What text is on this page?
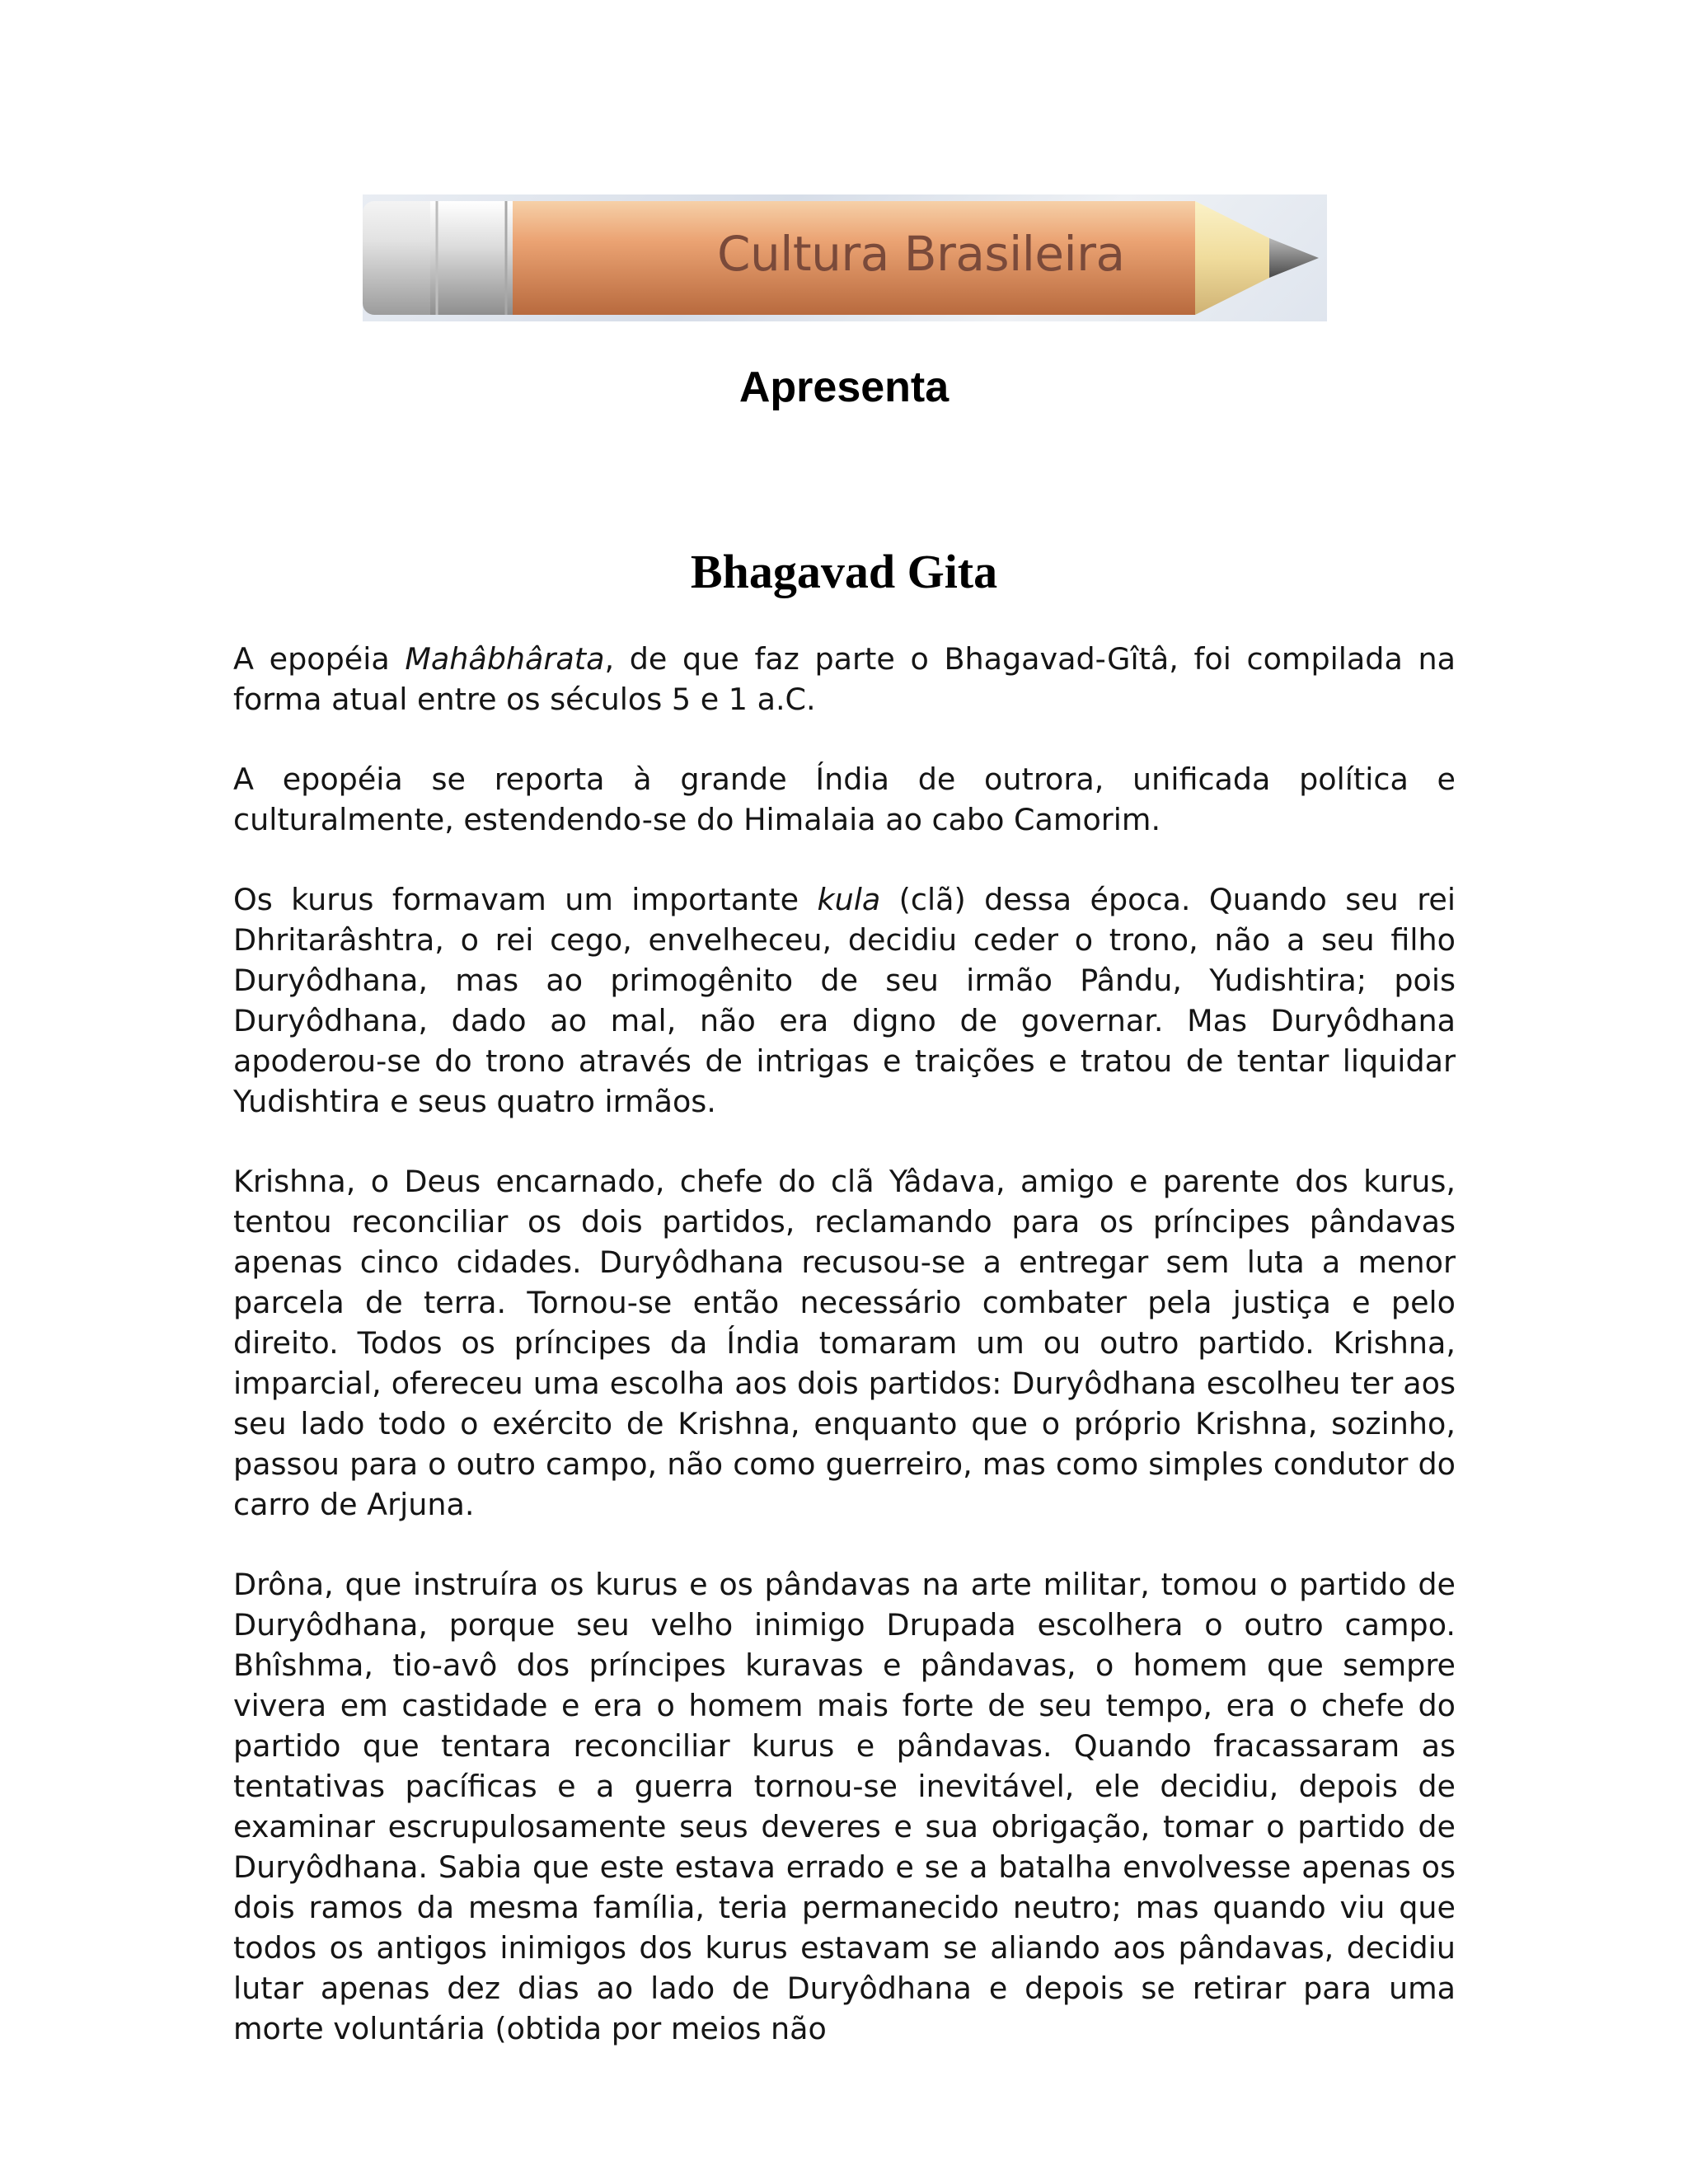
Cultura Brasileira
Apresenta
Bhagavad Gita

A epopéia Mahâbhârata, de que faz parte o Bhagavad-Gîtâ, foi compilada na forma atual entre os séculos 5 e 1 a.C.

A epopéia se reporta à grande Índia de outrora, unificada política e culturalmente, estendendo-se do Himalaia ao cabo Camorim.

Os kurus formavam um importante kula (clã) dessa época. Quando seu rei Dhritarâshtra, o rei cego, envelheceu, decidiu ceder o trono, não a seu filho Duryôdhana, mas ao primogênito de seu irmão Pându, Yudishtira; pois Duryôdhana, dado ao mal, não era digno de governar. Mas Duryôdhana apoderou-se do trono através de intrigas e traições e tratou de tentar liquidar Yudishtira e seus quatro irmãos.

Krishna, o Deus encarnado, chefe do clã Yâdava, amigo e parente dos kurus, tentou reconciliar os dois partidos, reclamando para os príncipes pândavas apenas cinco cidades. Duryôdhana recusou-se a entregar sem luta a menor parcela de terra. Tornou-se então necessário combater pela justiça e pelo direito. Todos os príncipes da Índia tomaram um ou outro partido. Krishna, imparcial, ofereceu uma escolha aos dois partidos: Duryôdhana escolheu ter aos seu lado todo o exército de Krishna, enquanto que o próprio Krishna, sozinho, passou para o outro campo, não como guerreiro, mas como simples condutor do carro de Arjuna.

Drôna, que instruíra os kurus e os pândavas na arte militar, tomou o partido de Duryôdhana, porque seu velho inimigo Drupada escolhera o outro campo. Bhîshma, tio-avô dos príncipes kuravas e pândavas, o homem que sempre vivera em castidade e era o homem mais forte de seu tempo, era o chefe do partido que tentara reconciliar kurus e pândavas. Quando fracassaram as tentativas pacíficas e a guerra tornou-se inevitável, ele decidiu, depois de examinar escrupulosamente seus deveres e sua obrigação, tomar o partido de Duryôdhana. Sabia que este estava errado e se a batalha envolvesse apenas os dois ramos da mesma família, teria permanecido neutro; mas quando viu que todos os antigos inimigos dos kurus estavam se aliando aos pândavas, decidiu lutar apenas dez dias ao lado de Duryôdhana e depois se retirar para uma morte voluntária (obtida por meios não
